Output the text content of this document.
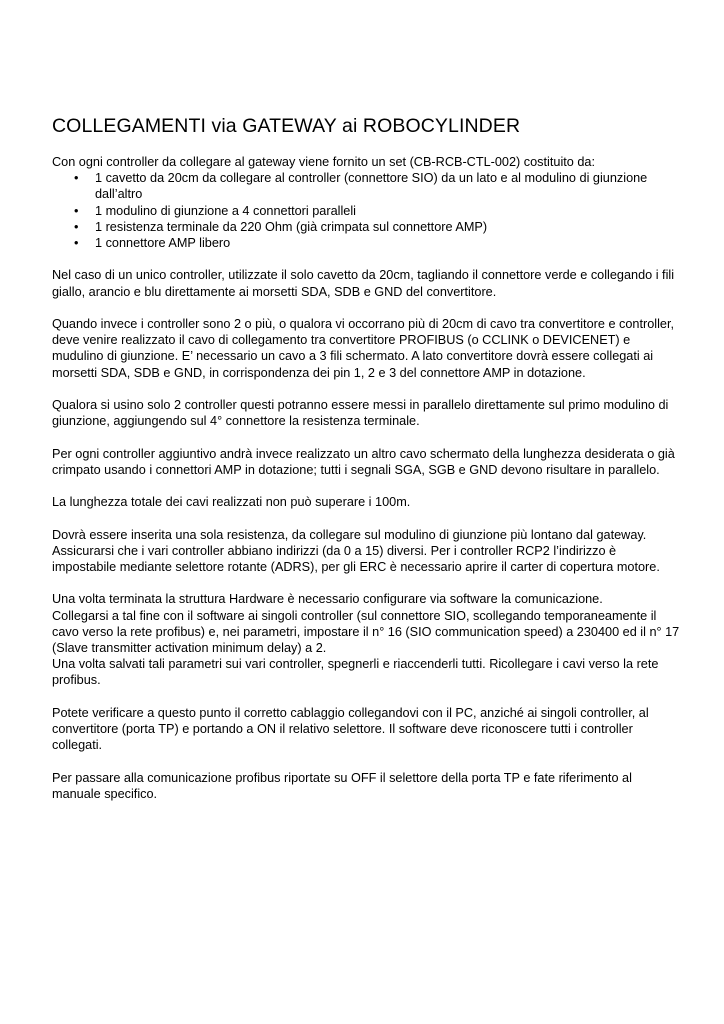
COLLEGAMENTI via GATEWAY ai ROBOCYLINDER

Con ogni controller da collegare al gateway viene fornito un set (CB-RCB-CTL-002) costituito da:

• 1 cavetto da 20cm da collegare al controller (connettore SIO) da un lato e al modulino di giunzione dall’altro
• 1 modulino di giunzione a 4 connettori paralleli
• 1 resistenza terminale da 220 Ohm (già crimpata sul connettore AMP)
• 1 connettore AMP libero

Nel caso di un unico controller, utilizzate il solo cavetto da 20cm, tagliando il connettore verde e collegando i fili giallo, arancio e blu direttamente ai morsetti SDA, SDB e GND del convertitore.

Quando invece i controller sono 2 o più, o qualora vi occorrano più di 20cm di cavo tra convertitore e controller, deve venire realizzato il cavo di collegamento tra convertitore PROFIBUS (o CCLINK o DEVICENET) e mudulino di giunzione. E’ necessario un cavo a 3 fili schermato. A lato convertitore dovrà essere collegati ai morsetti SDA, SDB e GND, in corrispondenza dei pin 1, 2 e 3 del connettore AMP in dotazione.

Qualora si usino solo 2 controller questi potranno essere messi in parallelo direttamente sul primo modulino di giunzione, aggiungendo sul 4° connettore la resistenza terminale.

Per ogni controller aggiuntivo andrà invece realizzato un altro cavo schermato della lunghezza desiderata o già crimpato usando i connettori AMP in dotazione; tutti i segnali SGA, SGB e GND devono risultare in parallelo.

La lunghezza totale dei cavi realizzati non può superare i 100m.

Dovrà essere inserita una sola resistenza, da collegare sul modulino di giunzione più lontano dal gateway.

Assicurarsi che i vari controller abbiano indirizzi (da 0 a 15) diversi. Per i controller RCP2 l’indirizzo è impostabile mediante selettore rotante (ADRS), per gli ERC è necessario aprire il carter di copertura motore.

Una volta terminata la struttura Hardware è necessario configurare via software la comunicazione.

Collegarsi a tal fine con il software ai singoli controller (sul connettore SIO, scollegando temporaneamente il cavo verso la rete profibus) e, nei parametri, impostare il n° 16 (SIO communication speed) a 230400 ed il n° 17 (Slave transmitter activation minimum delay) a 2.

Una volta salvati tali parametri sui vari controller, spegnerli e riaccenderli tutti. Ricollegare i cavi verso la rete profibus.

Potete verificare a questo punto il corretto cablaggio collegandovi con il PC, anziché ai singoli controller, al convertitore (porta TP) e portando a ON il relativo selettore. Il software deve riconoscere tutti i controller collegati.

Per passare alla comunicazione profibus riportate su OFF il selettore della porta TP e fate riferimento al manuale specifico.
